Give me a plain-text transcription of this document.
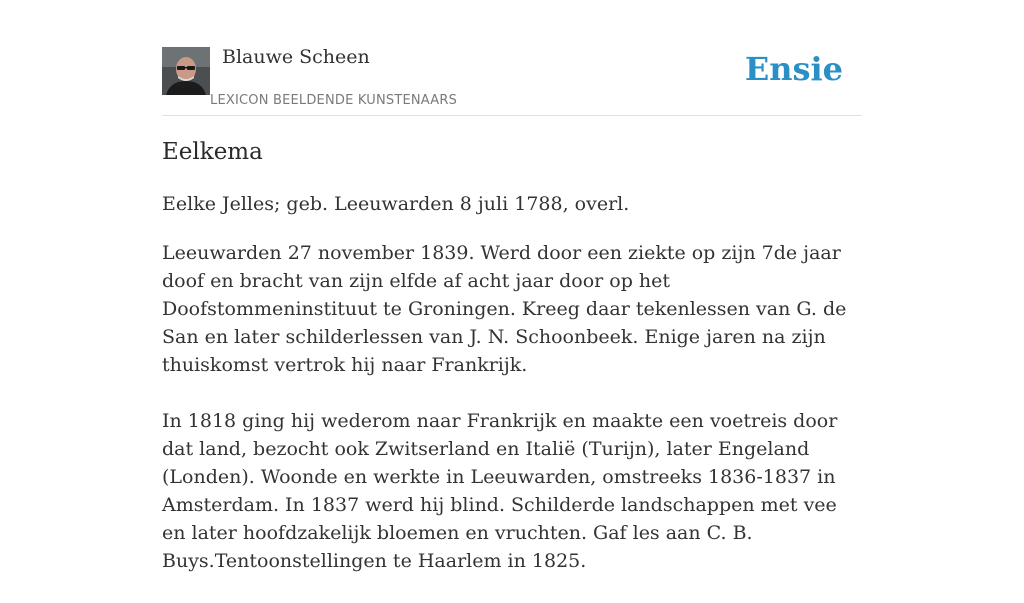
Blauwe Scheen
LEXICON BEELDENDE KUNSTENAARS
Ensie
Eelkema

Eelke Jelles; geb. Leeuwarden 8 juli 1788, overl.

Leeuwarden 27 november 1839. Werd door een ziekte op zijn 7de jaar doof en bracht van zijn elfde af acht jaar door op het Doofstommeninstituut te Groningen. Kreeg daar tekenlessen van G. de San en later schilderlessen van J. N. Schoonbeek. Enige jaren na zijn thuiskomst vertrok hij naar Frankrijk.

In 1818 ging hij wederom naar Frankrijk en maakte een voetreis door dat land, bezocht ook Zwitserland en Italië (Turijn), later Engeland (Londen). Woonde en werkte in Leeuwarden, omstreeks 1836-1837 in Amsterdam. In 1837 werd hij blind. Schilderde landschappen met vee en later hoofdzakelijk bloemen en vruchten. Gaf les aan C. B. Buys.Tentoonstellingen te Haarlem in 1825.
